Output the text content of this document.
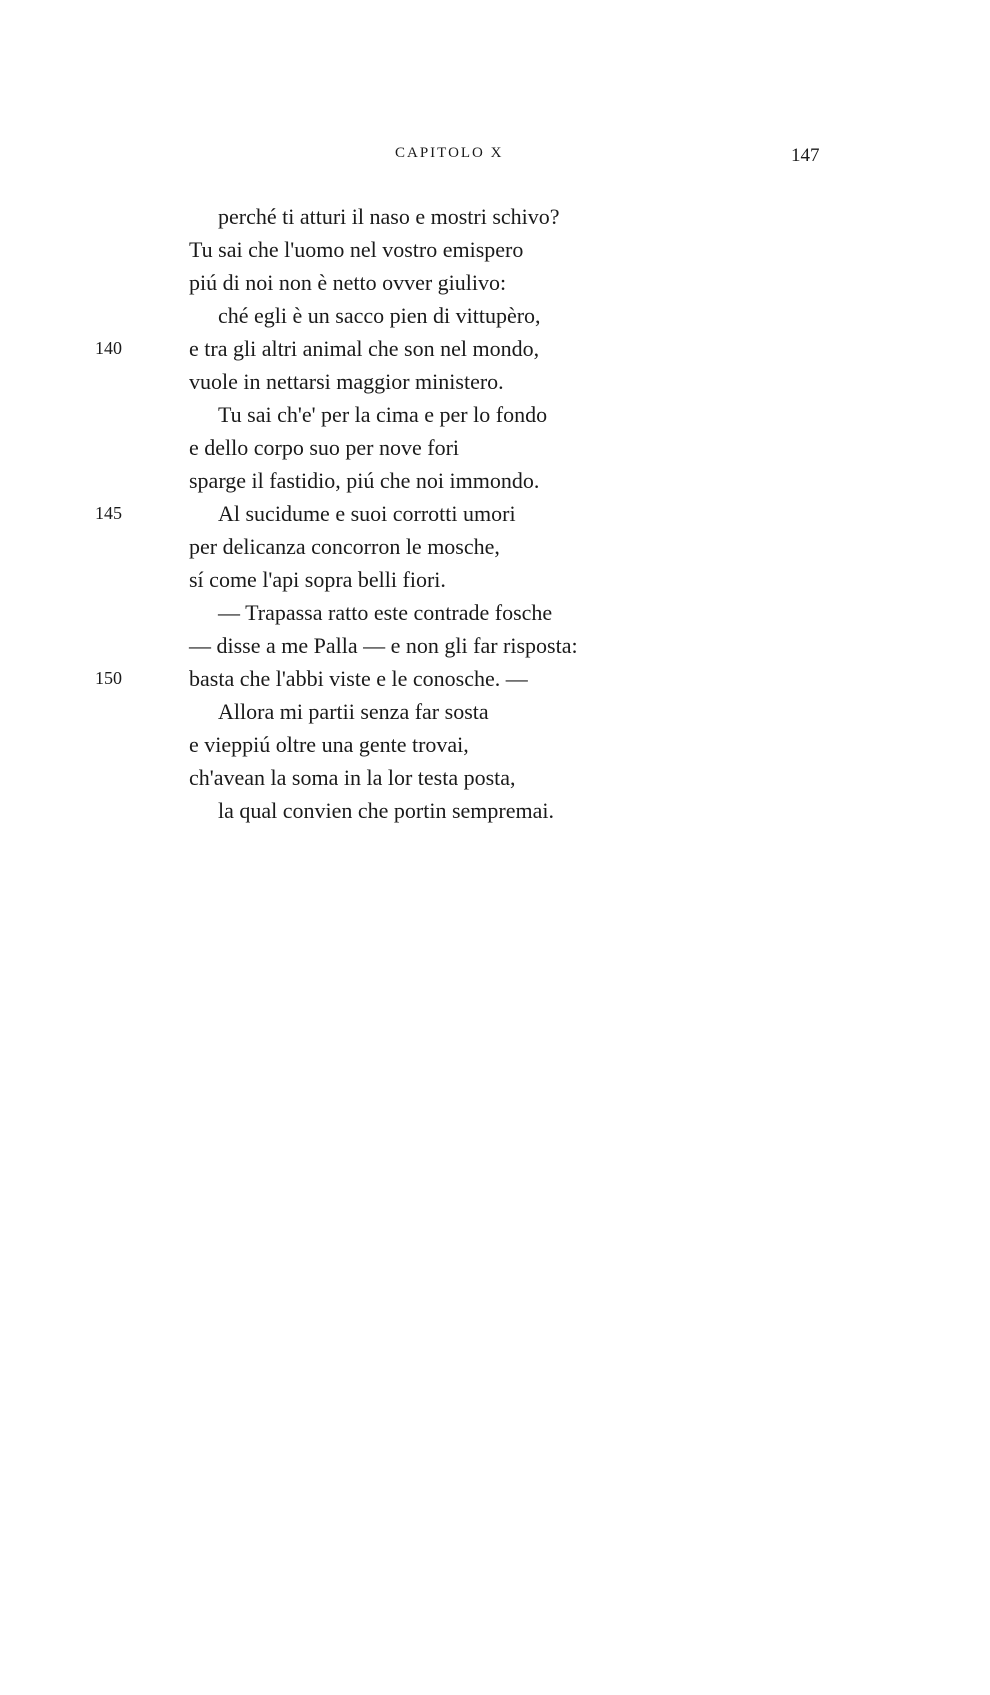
CAPITOLO X	147
perché ti atturi il naso e mostri schivo?
Tu sai che l'uomo nel vostro emispero
piú di noi non è netto ovver giulivo:
ché egli è un sacco pien di vittupèro,
140	e tra gli altri animal che son nel mondo,
vuole in nettarsi maggior ministero.
Tu sai ch'e' per la cima e per lo fondo
e dello corpo suo per nove fori
sparge il fastidio, piú che noi immondo.
145	Al sucidume e suoi corrotti umori
per delicanza concorron le mosche,
sí come l'api sopra belli fiori.
— Trapassa ratto este contrade fosche
— disse a me Palla — e non gli far risposta:
150	basta che l'abbi viste e le conosche. —
Allora mi partii senza far sosta
e vieppiú oltre una gente trovai,
ch'avean la soma in la lor testa posta,
la qual convien che portin sempremai.
